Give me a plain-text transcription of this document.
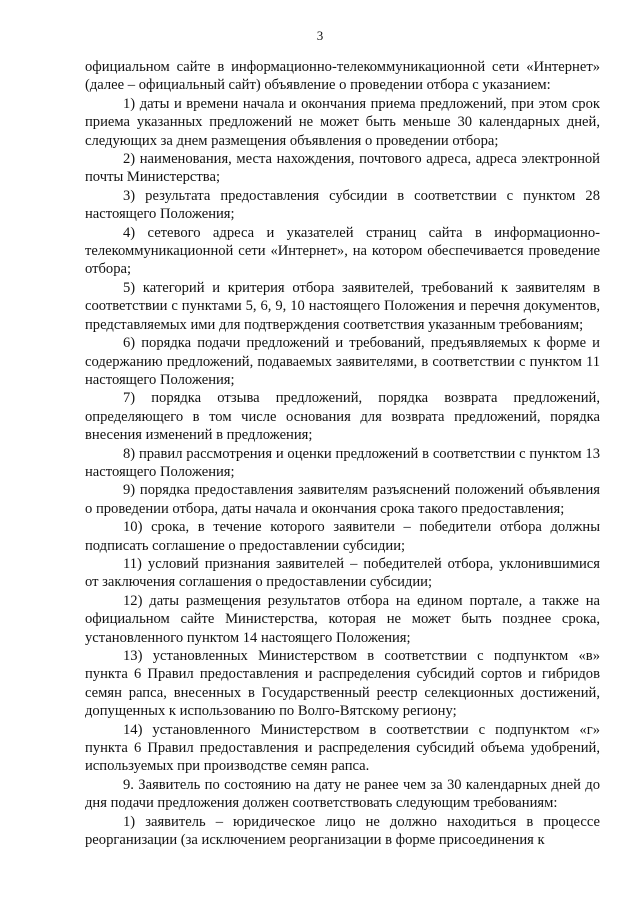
3

официальном сайте в информационно-телекоммуникационной сети «Интернет» (далее – официальный сайт) объявление о проведении отбора с указанием:

1) даты и времени начала и окончания приема предложений, при этом срок приема указанных предложений не может быть меньше 30 календарных дней, следующих за днем размещения объявления о проведении отбора;

2) наименования, места нахождения, почтового адреса, адреса электронной почты Министерства;

3) результата предоставления субсидии в соответствии с пунктом 28 настоящего Положения;

4) сетевого адреса и указателей страниц сайта в информационно-телекоммуникационной сети «Интернет», на котором обеспечивается проведение отбора;

5) категорий и критерия отбора заявителей, требований к заявителям в соответствии с пунктами 5, 6, 9, 10 настоящего Положения и перечня документов, представляемых ими для подтверждения соответствия указанным требованиям;

6) порядка подачи предложений и требований, предъявляемых к форме и содержанию предложений, подаваемых заявителями, в соответствии с пунктом 11 настоящего Положения;

7) порядка отзыва предложений, порядка возврата предложений, определяющего в том числе основания для возврата предложений, порядка внесения изменений в предложения;

8) правил рассмотрения и оценки предложений в соответствии с пунктом 13 настоящего Положения;

9) порядка предоставления заявителям разъяснений положений объявления о проведении отбора, даты начала и окончания срока такого предоставления;

10) срока, в течение которого заявители – победители отбора должны подписать соглашение о предоставлении субсидии;

11) условий признания заявителей – победителей отбора, уклонившимися от заключения соглашения о предоставлении субсидии;

12) даты размещения результатов отбора на едином портале, а также на официальном сайте Министерства, которая не может быть позднее срока, установленного пунктом 14 настоящего Положения;

13) установленных Министерством в соответствии с подпунктом «в» пункта 6 Правил предоставления и распределения субсидий сортов и гибридов семян рапса, внесенных в Государственный реестр селекционных достижений, допущенных к использованию по Волго-Вятскому региону;

14) установленного Министерством в соответствии с подпунктом «г» пункта 6 Правил предоставления и распределения субсидий объема удобрений, используемых при производстве семян рапса.

9. Заявитель по состоянию на дату не ранее чем за 30 календарных дней до дня подачи предложения должен соответствовать следующим требованиям:

1) заявитель – юридическое лицо не должно находиться в процессе реорганизации (за исключением реорганизации в форме присоединения к
